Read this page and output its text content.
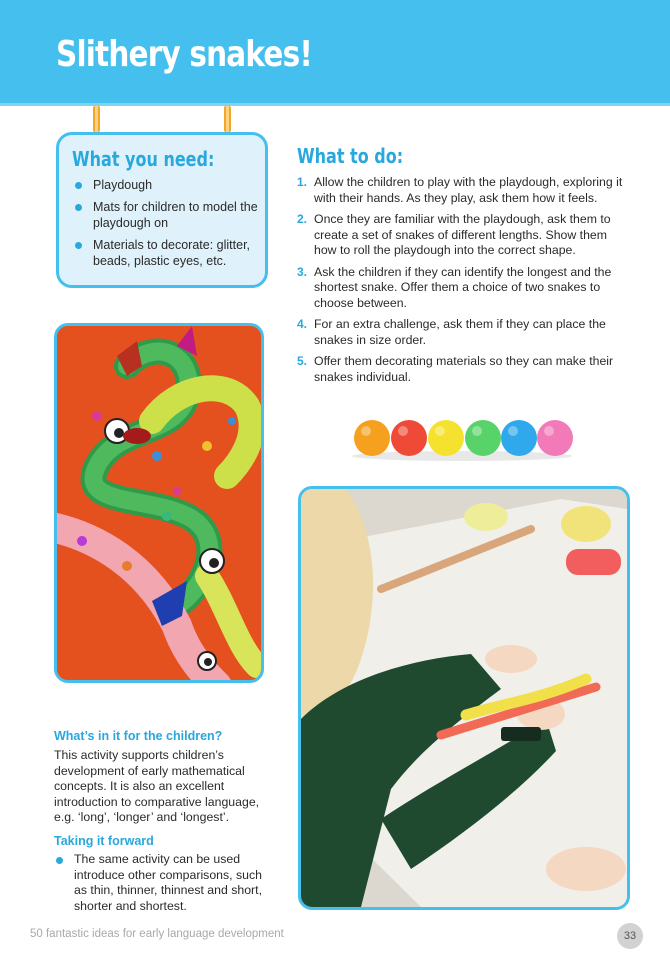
Slithery snakes!
What you need:
Playdough
Mats for children to model the playdough on
Materials to decorate: glitter, beads, plastic eyes, etc.
What to do:
1. Allow the children to play with the playdough, exploring it with their hands. As they play, ask them how it feels.
2. Once they are familiar with the playdough, ask them to create a set of snakes of different lengths. Show them how to roll the playdough into the correct shape.
3. Ask the children if they can identify the longest and the shortest snake. Offer them a choice of two snakes to choose between.
4. For an extra challenge, ask them if they can place the snakes in size order.
5. Offer them decorating materials so they can make their snakes individual.
What’s in it for the children?

This activity supports children’s development of early mathematical concepts. It is also an excellent introduction to comparative language, e.g. ‘long’, ‘longer’ and ‘longest’.

Taking it forward
The same activity can be used introduce other comparisons, such as thin, thinner, thinnest and short, shorter and shortest.
50 fantastic ideas for early language development	33
